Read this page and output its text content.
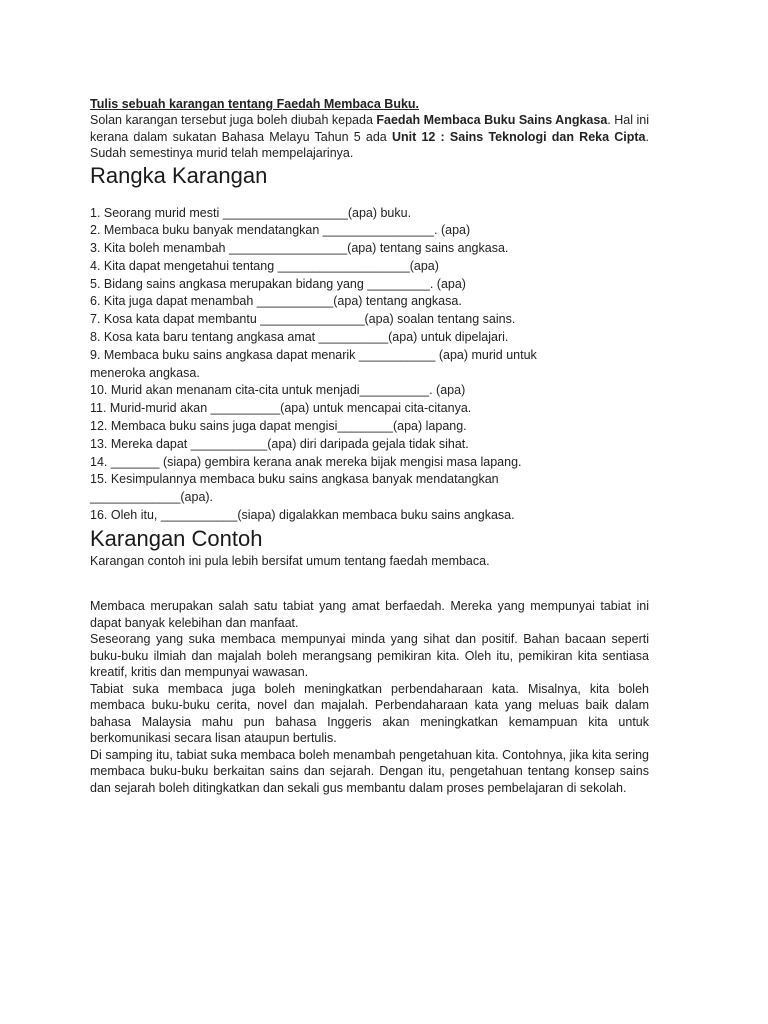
Tulis sebuah karangan tentang Faedah Membaca Buku.

Solan karangan tersebut juga boleh diubah kepada Faedah Membaca Buku Sains Angkasa. Hal ini kerana dalam sukatan Bahasa Melayu Tahun 5 ada Unit 12 : Sains Teknologi dan Reka Cipta. Sudah semestinya murid telah mempelajarinya.

Rangka Karangan
1. Seorang murid mesti __________________(apa) buku.
2. Membaca buku banyak mendatangkan ________________. (apa)
3. Kita boleh menambah _________________(apa) tentang sains angkasa.
4. Kita dapat mengetahui tentang ___________________(apa)
5. Bidang sains angkasa merupakan bidang yang _________. (apa)
6. Kita juga dapat menambah ___________(apa) tentang angkasa.
7. Kosa kata dapat membantu _______________(apa) soalan tentang sains.
8. Kosa kata baru tentang angkasa amat __________(apa) untuk dipelajari.
9. Membaca buku sains angkasa dapat menarik ___________ (apa) murid untuk meneroka angkasa.
10. Murid akan menanam cita-cita untuk menjadi__________. (apa)
11. Murid-murid akan __________(apa) untuk mencapai cita-citanya.
12. Membaca buku sains juga dapat mengisi________(apa) lapang.
13. Mereka dapat ___________(apa) diri daripada gejala tidak sihat.
14. _______ (siapa) gembira kerana anak mereka bijak mengisi masa lapang.
15. Kesimpulannya membaca buku sains angkasa banyak mendatangkan _____________(apa).
16. Oleh itu, ___________(siapa) digalakkan membaca buku sains angkasa.
Karangan Contoh

Karangan contoh ini pula lebih bersifat umum tentang faedah membaca.

Membaca merupakan salah satu tabiat yang amat berfaedah. Mereka yang mempunyai tabiat ini dapat banyak kelebihan dan manfaat.

Seseorang yang suka membaca mempunyai minda yang sihat dan positif. Bahan bacaan seperti buku-buku ilmiah dan majalah boleh merangsang pemikiran kita. Oleh itu, pemikiran kita sentiasa kreatif, kritis dan mempunyai wawasan.

Tabiat suka membaca juga boleh meningkatkan perbendaharaan kata. Misalnya, kita boleh membaca buku-buku cerita, novel dan majalah. Perbendaharaan kata yang meluas baik dalam bahasa Malaysia mahu pun bahasa Inggeris akan meningkatkan kemampuan kita untuk berkomunikasi secara lisan ataupun bertulis.

Di samping itu, tabiat suka membaca boleh menambah pengetahuan kita. Contohnya, jika kita sering membaca buku-buku berkaitan sains dan sejarah. Dengan itu, pengetahuan tentang konsep sains dan sejarah boleh ditingkatkan dan sekali gus membantu dalam proses pembelajaran di sekolah.
